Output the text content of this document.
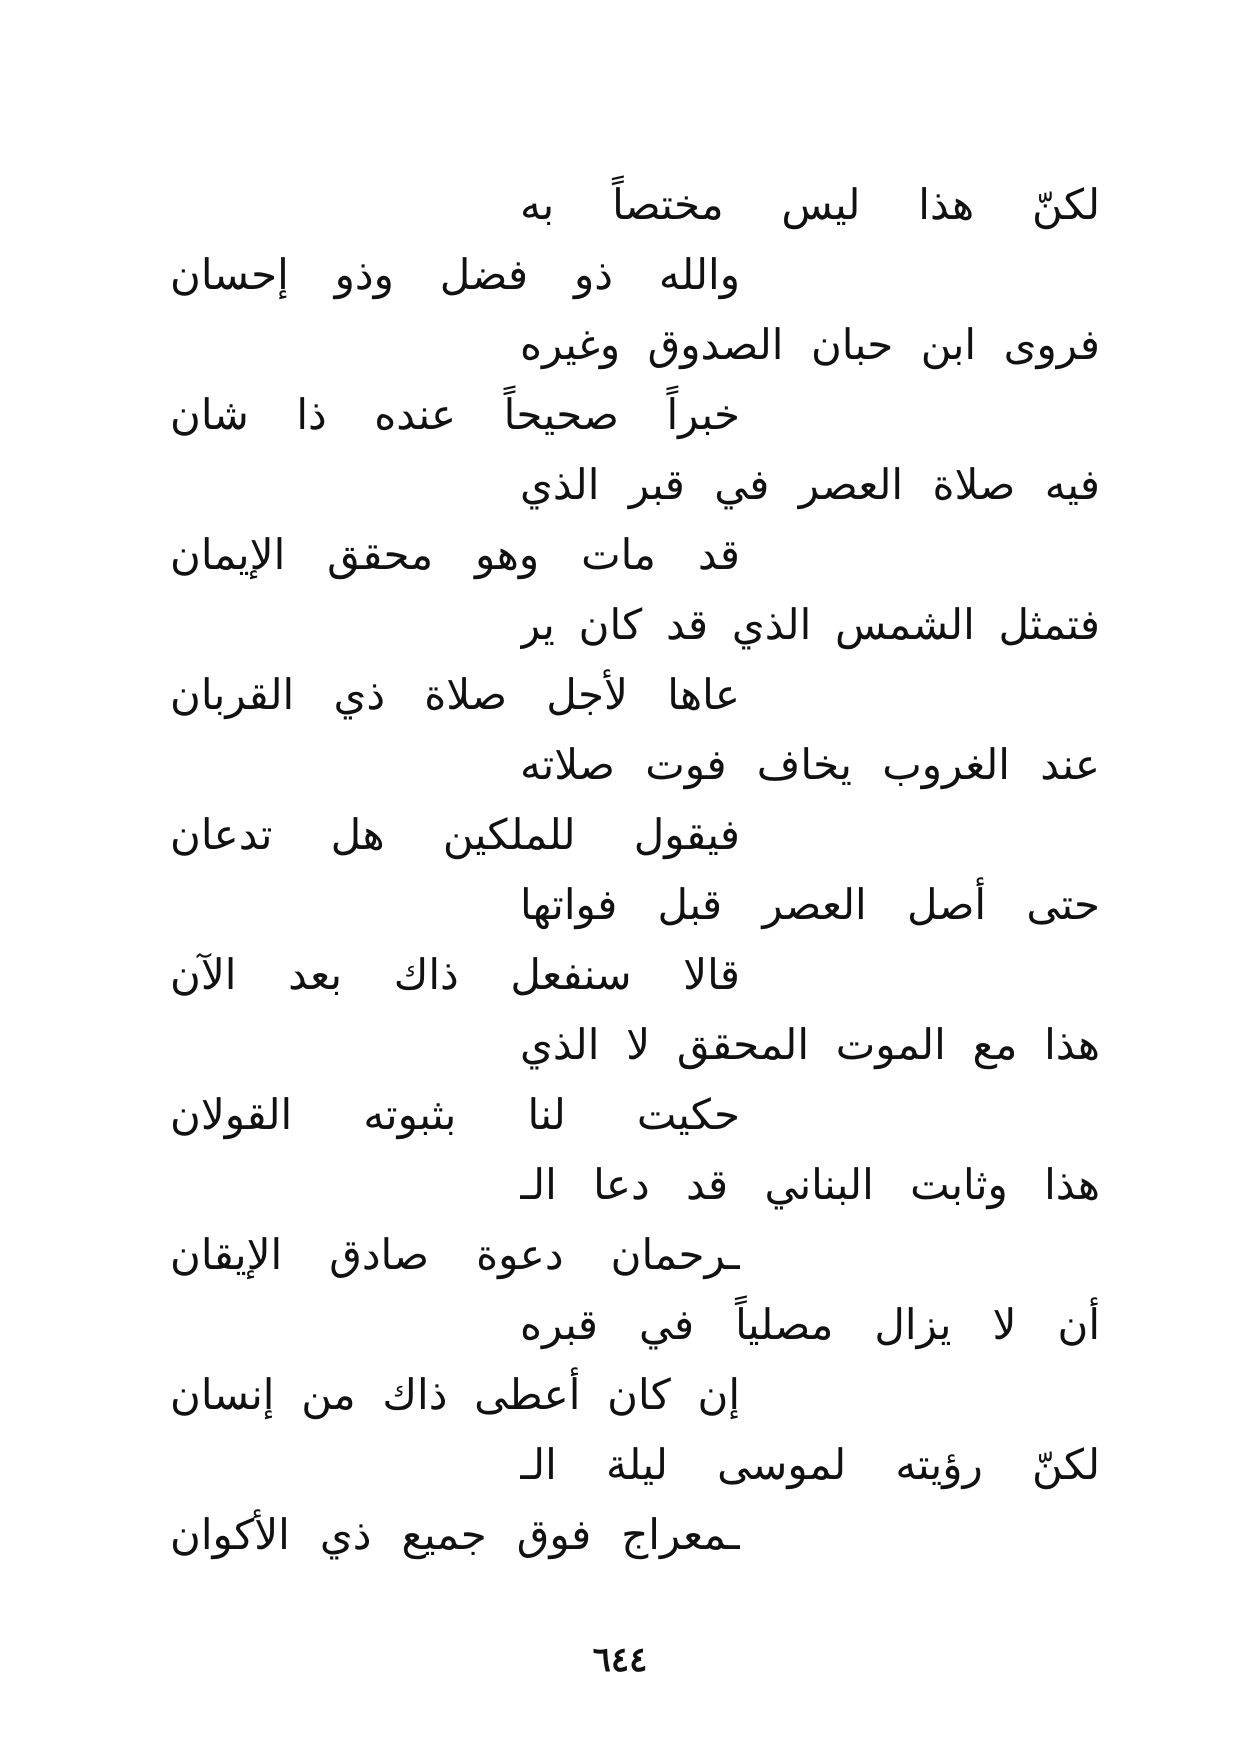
لكنّ هذا ليس مختصاً به
والله ذو فضل وذو إحسان
فروى ابن حبان الصدوق وغيره
خبراً صحيحاً عنده ذا شان
فيه صلاة العصر في قبر الذي
قد مات وهو محقق الإيمان
فتمثل الشمس الذي قد كان ير
عاها لأجل صلاة ذي القربان
عند الغروب يخاف فوت صلاته
فيقول للملكين هل تدعان
حتى أصل العصر قبل فواتها
قالا سنفعل ذاك بعد الآن
هذا مع الموت المحقق لا الذي
حكيت لنا بثبوته القولان
هذا وثابت البناني قد دعا الـ
ـرحمان دعوة صادق الإيقان
أن لا يزال مصلياً في قبره
إن كان أعطى ذاك من إنسان
لكنّ رؤيته لموسى ليلة الـ
ـمعراج فوق جميع ذي الأكوان
٦٤٤
